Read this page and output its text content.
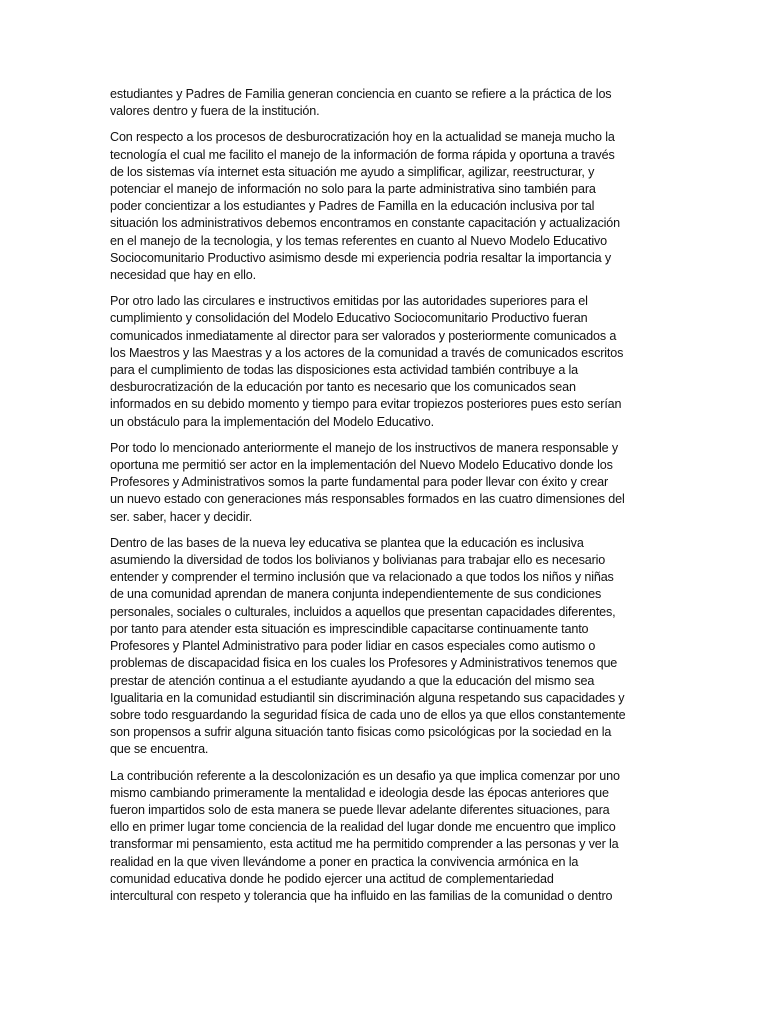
estudiantes y Padres de Familia generan conciencia en cuanto se refiere a la práctica de los
valores dentro y fuera de la institución.

Con respecto a los procesos de desburocratización hoy en la actualidad se maneja mucho la
tecnología el cual me facilito el manejo de la información de forma rápida y oportuna a través
de los sistemas vía internet esta situación me ayudo a simplificar, agilizar, reestructurar, y
potenciar el manejo de información no solo para la parte administrativa sino también para
poder concientizar a los estudiantes y Padres de Familla en la educación inclusiva por tal
situación los administrativos debemos encontramos en constante capacitación y actualización
en el manejo de la tecnologia, y los temas referentes en cuanto al Nuevo Modelo Educativo
Sociocomunitario Productivo asimismo desde mi experiencia podria resaltar la importancia y
necesidad que hay en ello.

Por otro lado las circulares e instructivos emitidas por las autoridades superiores para el
cumplimiento y consolidación del Modelo Educativo Sociocomunitario Productivo fueran
comunicados inmediatamente al director para ser valorados y posteriormente comunicados a
los Maestros y las Maestras y a los actores de la comunidad a través de comunicados escritos
para el cumplimiento de todas las disposiciones esta actividad también contribuye a la
desburocratización de la educación por tanto es necesario que los comunicados sean
informados en su debido momento y tiempo para evitar tropiezos posteriores pues esto serían
un obstáculo para la implementación del Modelo Educativo.

Por todo lo mencionado anteriormente el manejo de los instructivos de manera responsable y
oportuna me permitió ser actor en la implementación del Nuevo Modelo Educativo donde los
Profesores y Administrativos somos la parte fundamental para poder llevar con éxito y crear
un nuevo estado con generaciones más responsables formados en las cuatro dimensiones del
ser. saber, hacer y decidir.

Dentro de las bases de la nueva ley educativa se plantea que la educación es inclusiva
asumiendo la diversidad de todos los bolivianos y bolivianas para trabajar ello es necesario
entender y comprender el termino inclusión que va relacionado a que todos los niños y niñas
de una comunidad aprendan de manera conjunta independientemente de sus condiciones
personales, sociales o culturales, incluidos a aquellos que presentan capacidades diferentes,
por tanto para atender esta situación es imprescindible capacitarse continuamente tanto
Profesores y Plantel Administrativo para poder lidiar en casos especiales como autismo o
problemas de discapacidad fisica en los cuales los Profesores y Administrativos tenemos que
prestar de atención continua a el estudiante ayudando a que la educación del mismo sea
Igualitaria en la comunidad estudiantil sin discriminación alguna respetando sus capacidades y
sobre todo resguardando la seguridad física de cada uno de ellos ya que ellos constantemente
son propensos a sufrir alguna situación tanto fisicas como psicológicas por la sociedad en la
que se encuentra.

La contribución referente a la descolonización es un desafio ya que implica comenzar por uno
mismo cambiando primeramente la mentalidad e ideologia desde las épocas anteriores que
fueron impartidos solo de esta manera se puede llevar adelante diferentes situaciones, para
ello en primer lugar tome conciencia de la realidad del lugar donde me encuentro que implico
transformar mi pensamiento, esta actitud me ha permitido comprender a las personas y ver la
realidad en la que viven llevándome a poner en practica la convivencia armónica en la
comunidad educativa donde he podido ejercer una actitud de complementariedad
intercultural con respeto y tolerancia que ha influido en las familias de la comunidad o dentro
